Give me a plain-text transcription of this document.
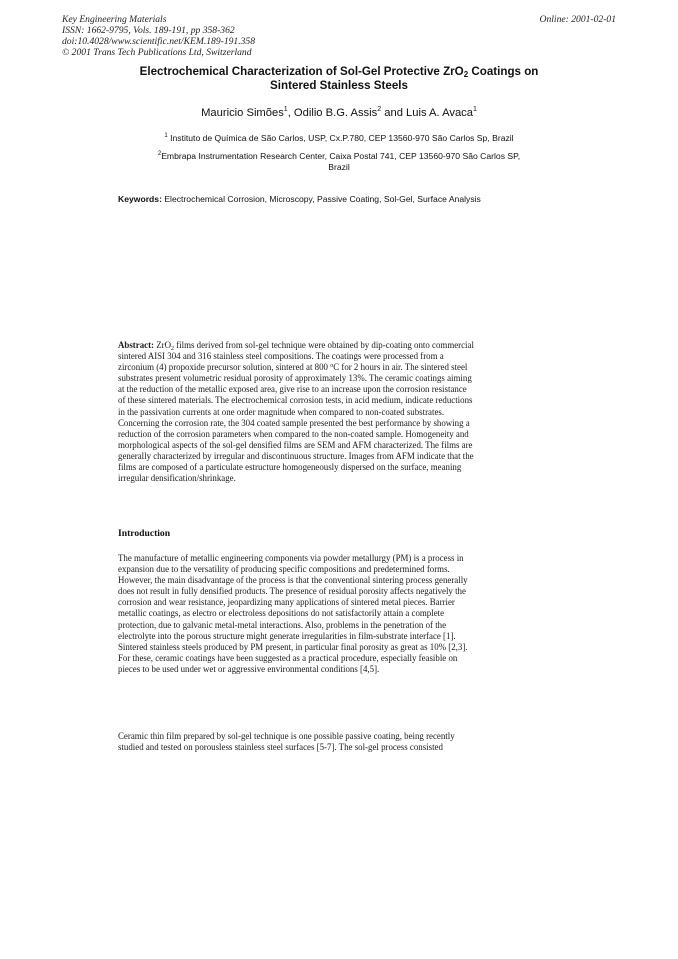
Key Engineering Materials
ISSN: 1662-9795, Vols. 189-191, pp 358-362
doi:10.4028/www.scientific.net/KEM.189-191.358
© 2001 Trans Tech Publications Ltd, Switzerland
Online: 2001-02-01
Electrochemical Characterization of Sol-Gel Protective ZrO$_2$ Coatings on
Sintered Stainless Steels
Mauricio Simões$^1$, Odilio B.G. Assis$^2$ and Luis A. Avaca$^1$
$^1$ Instituto de Química de São Carlos, USP, Cx.P.780, CEP 13560-970 São Carlos Sp, Brazil
$^2$Embrapa Instrumentation Research Center, Caixa Postal 741, CEP 13560-970 São Carlos SP,
Brazil
Keywords: Electrochemical Corrosion, Microscopy, Passive Coating, Sol-Gel, Surface Analysis
Abstract: ZrO$_2$ films derived from sol-gel technique were obtained by dip-coating onto commercial
sintered AISI 304 and 316 stainless steel compositions. The coatings were processed from a
zirconium (4) propoxide precursor solution, sintered at 800 $^o$C for 2 hours in air. The sintered steel
substrates present volumetric residual porosity of approximately 13%. The ceramic coatings aiming
at the reduction of the metallic exposed area, give rise to an increase upon the corrosion resistance
of these sintered materials. The electrochemical corrosion tests, in acid medium, indicate reductions
in the passivation currents at one order magnitude when compared to non-coated substrates.
Concerning the corrosion rate, the 304 coated sample presented the best performance by showing a
reduction of the corrosion parameters when compared to the non-coated sample. Homogeneity and
morphological aspects of the sol-gel densified films are SEM and AFM characterized. The films are
generally characterized by irregular and discontinuous structure. Images from AFM indicate that the
films are composed of a particulate estructure homogeneously dispersed on the surface, meaning
irregular densification/shrinkage.
Introduction
The manufacture of metallic engineering components via powder metallurgy (PM) is a process in
expansion due to the versatility of producing specific compositions and predetermined forms.
However, the main disadvantage of the process is that the conventional sintering process generally
does not result in fully densified products. The presence of residual porosity affects negatively the
corrosion and wear resistance, jeopardizing many applications of sintered metal pieces. Barrier
metallic coatings, as electro or electroless depositions do not satisfactorily attain a complete
protection, due to galvanic metal-metal interactions. Also, problems in the penetration of the
electrolyte into the porous structure might generate irregularities in film-substrate interface [1].
Sintered stainless steels produced by PM present, in particular final porosity as great as 10% [2,3].
For these, ceramic coatings have been suggested as a practical procedure, especially feasible on
pieces to be used under wet or aggressive environmental conditions [4,5].
Ceramic thin film prepared by sol-gel technique is one possible passive coating, being recently
studied and tested on porousless stainless steel surfaces [5-7]. The sol-gel process consisted
